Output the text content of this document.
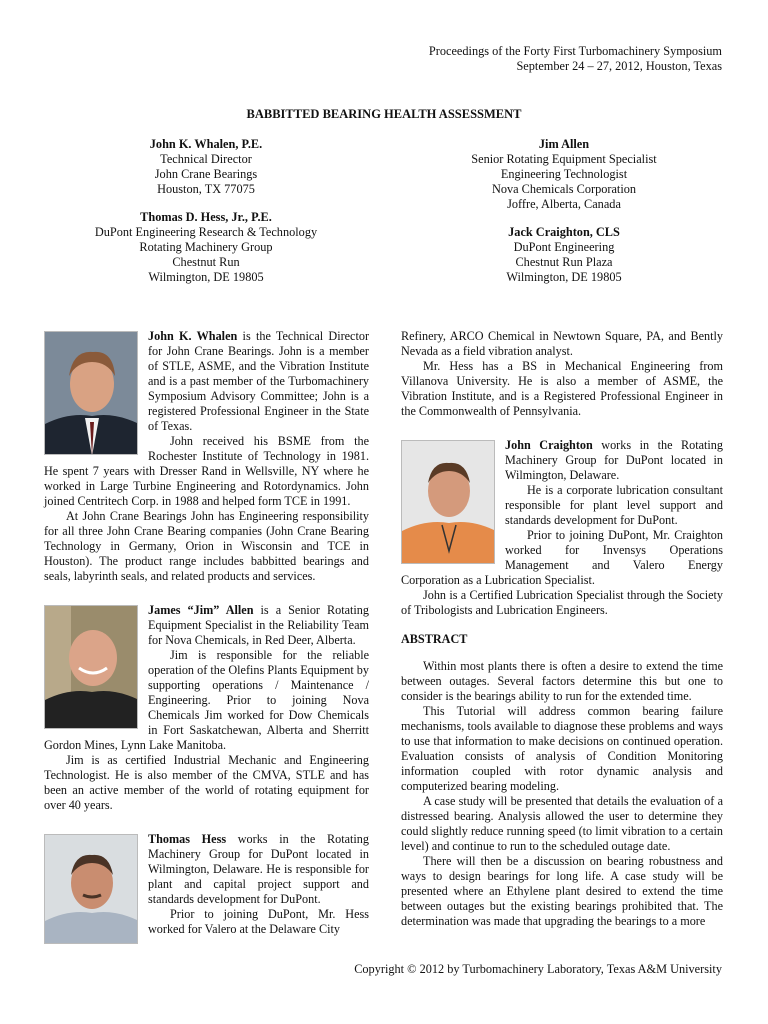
Proceedings of the Forty First Turbomachinery Symposium
September 24 – 27, 2012, Houston, Texas
BABBITTED BEARING HEALTH ASSESSMENT
John K. Whalen, P.E.
Technical Director
John Crane Bearings
Houston, TX 77075
Thomas D. Hess, Jr., P.E.
DuPont Engineering Research & Technology
Rotating Machinery Group
Chestnut Run
Wilmington, DE 19805
Jim Allen
Senior Rotating Equipment Specialist
Engineering Technologist
Nova Chemicals Corporation
Joffre, Alberta, Canada
Jack Craighton, CLS
DuPont Engineering
Chestnut Run Plaza
Wilmington, DE 19805

John K. Whalen is the Technical Director for John Crane Bearings. John is a member of STLE, ASME, and the Vibration Institute and is a past member of the Turbomachinery Symposium Advisory Committee; John is a registered Professional Engineer in the State of Texas.

John received his BSME from the Rochester Institute of Technology in 1981. He spent 7 years with Dresser Rand in Wellsville, NY where he worked in Large Turbine Engineering and Rotordynamics. John joined Centritech Corp. in 1988 and helped form TCE in 1991.

At John Crane Bearings John has Engineering responsibility for all three John Crane Bearing companies (John Crane Bearing Technology in Germany, Orion in Wisconsin and TCE in Houston). The product range includes babbitted bearings and seals, labyrinth seals, and related products and services.

James “Jim” Allen is a Senior Rotating Equipment Specialist in the Reliability Team for Nova Chemicals, in Red Deer, Alberta.

Jim is responsible for the reliable operation of the Olefins Plants Equipment by supporting operations / Maintenance / Engineering. Prior to joining Nova Chemicals Jim worked for Dow Chemicals in Fort Saskatchewan, Alberta and Sherritt Gordon Mines, Lynn Lake Manitoba.

Jim is as certified Industrial Mechanic and Engineering Technologist. He is also member of the CMVA, STLE and has been an active member of the world of rotating equipment for over 40 years.

Thomas Hess works in the Rotating Machinery Group for DuPont located in Wilmington, Delaware. He is responsible for plant and capital project support and standards development for DuPont.

Prior to joining DuPont, Mr. Hess worked for Valero at the Delaware City

Refinery, ARCO Chemical in Newtown Square, PA, and Bently Nevada as a field vibration analyst.

Mr. Hess has a BS in Mechanical Engineering from Villanova University. He is also a member of ASME, the Vibration Institute, and is a Registered Professional Engineer in the Commonwealth of Pennsylvania.

John Craighton works in the Rotating Machinery Group for DuPont located in Wilmington, Delaware.

He is a corporate lubrication consultant responsible for plant level support and standards development for DuPont.

Prior to joining DuPont, Mr. Craighton worked for Invensys Operations Management and Valero Energy Corporation as a Lubrication Specialist.

John is a Certified Lubrication Specialist through the Society of Tribologists and Lubrication Engineers.

ABSTRACT

Within most plants there is often a desire to extend the time between outages. Several factors determine this but one to consider is the bearings ability to run for the extended time.

This Tutorial will address common bearing failure mechanisms, tools available to diagnose these problems and ways to use that information to make decisions on continued operation. Evaluation consists of analysis of Condition Monitoring information coupled with rotor dynamic analysis and computerized bearing modeling.

A case study will be presented that details the evaluation of a distressed bearing. Analysis allowed the user to determine they could slightly reduce running speed (to limit vibration to a certain level) and continue to run to the scheduled outage date.

There will then be a discussion on bearing robustness and ways to design bearings for long life. A case study will be presented where an Ethylene plant desired to extend the time between outages but the existing bearings prohibited that. The determination was made that upgrading the bearings to a more

Copyright © 2012 by Turbomachinery Laboratory, Texas A&M University
